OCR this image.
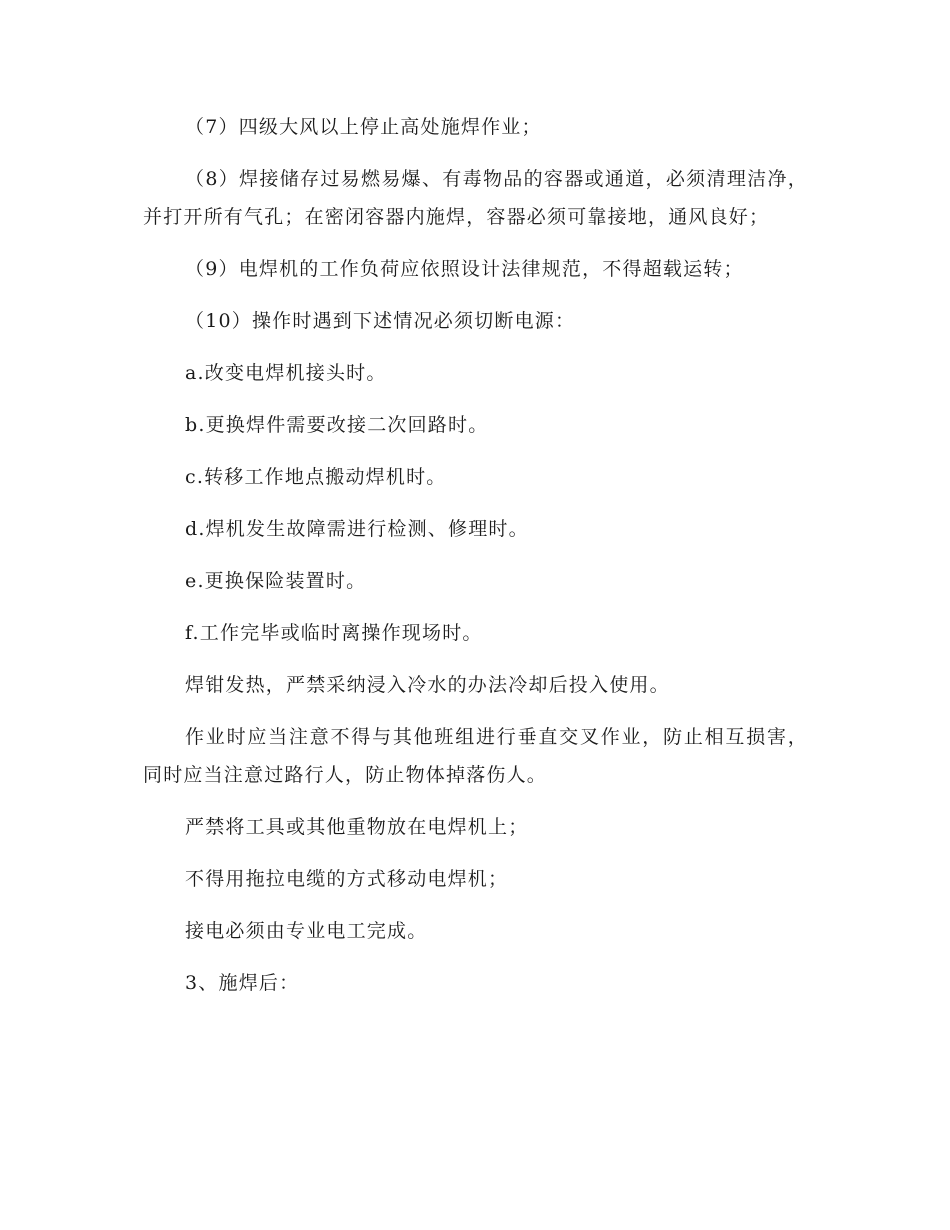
（7）四级大风以上停止高处施焊作业；

（8）焊接储存过易燃易爆、有毒物品的容器或通道，必须清理洁净，并打开所有气孔；在密闭容器内施焊，容器必须可靠接地，通风良好；

（9）电焊机的工作负荷应依照设计法律规范，不得超载运转；

（10）操作时遇到下述情况必须切断电源：

a.改变电焊机接头时。

b.更换焊件需要改接二次回路时。

c.转移工作地点搬动焊机时。

d.焊机发生故障需进行检测、修理时。

e.更换保险装置时。

f.工作完毕或临时离操作现场时。

焊钳发热，严禁采纳浸入冷水的办法冷却后投入使用。

作业时应当注意不得与其他班组进行垂直交叉作业，防止相互损害，同时应当注意过路行人，防止物体掉落伤人。

严禁将工具或其他重物放在电焊机上；

不得用拖拉电缆的方式移动电焊机；

接电必须由专业电工完成。

3、施焊后：
